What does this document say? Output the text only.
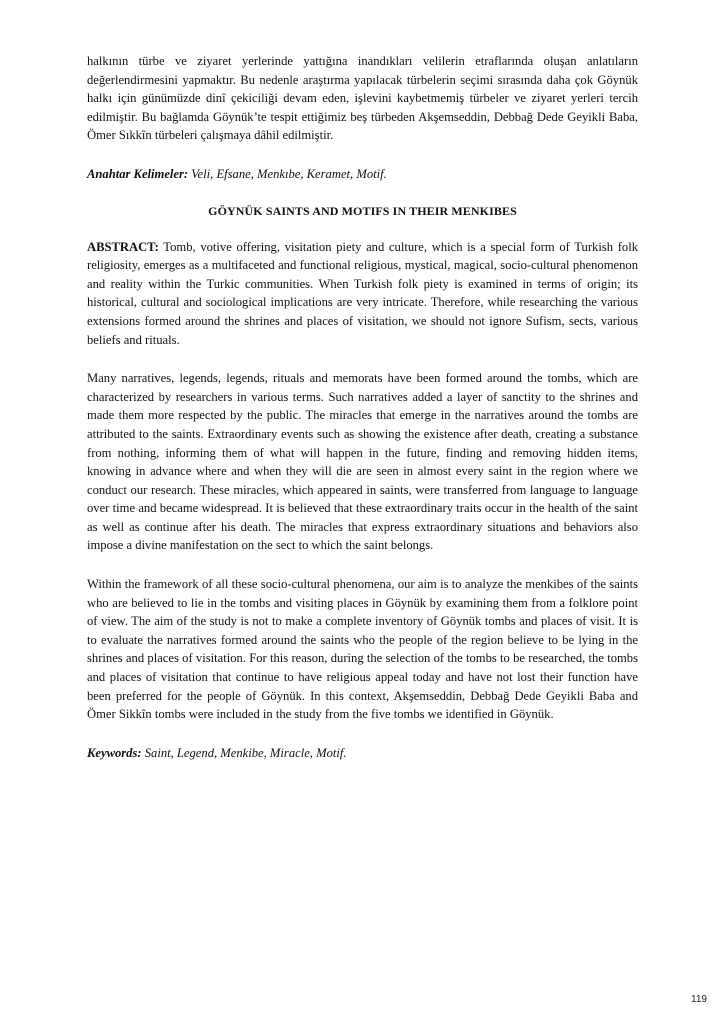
halkının türbe ve ziyaret yerlerinde yattığına inandıkları velilerin etraflarında oluşan anlatıların değerlendirmesini yapmaktır. Bu nedenle araştırma yapılacak türbelerin seçimi sırasında daha çok Göynük halkı için günümüzde dinî çekiciliği devam eden, işlevini kaybetmemiş türbeler ve ziyaret yerleri tercih edilmiştir. Bu bağlamda Göynük’te tespit ettiğimiz beş türbeden Akşemseddin, Debbağ Dede Geyikli Baba, Ömer Sıkkîn türbeleri çalışmaya dâhil edilmiştir.

Anahtar Kelimeler: Veli, Efsane, Menkıbe, Keramet, Motif.

GÖYNÜK SAINTS AND MOTIFS IN THEIR MENKIBES

ABSTRACT: Tomb, votive offering, visitation piety and culture, which is a special form of Turkish folk religiosity, emerges as a multifaceted and functional religious, mystical, magical, socio-cultural phenomenon and reality within the Turkic communities. When Turkish folk piety is examined in terms of origin; its historical, cultural and sociological implications are very intricate. Therefore, while researching the various extensions formed around the shrines and places of visitation, we should not ignore Sufism, sects, various beliefs and rituals.

Many narratives, legends, legends, rituals and memorats have been formed around the tombs, which are characterized by researchers in various terms. Such narratives added a layer of sanctity to the shrines and made them more respected by the public. The miracles that emerge in the narratives around the tombs are attributed to the saints. Extraordinary events such as showing the existence after death, creating a substance from nothing, informing them of what will happen in the future, finding and removing hidden items, knowing in advance where and when they will die are seen in almost every saint in the region where we conduct our research. These miracles, which appeared in saints, were transferred from language to language over time and became widespread. It is believed that these extraordinary traits occur in the health of the saint as well as continue after his death. The miracles that express extraordinary situations and behaviors also impose a divine manifestation on the sect to which the saint belongs.

Within the framework of all these socio-cultural phenomena, our aim is to analyze the menkibes of the saints who are believed to lie in the tombs and visiting places in Göynük by examining them from a folklore point of view. The aim of the study is not to make a complete inventory of Göynük tombs and places of visit. It is to evaluate the narratives formed around the saints who the people of the region believe to be lying in the shrines and places of visitation. For this reason, during the selection of the tombs to be researched, the tombs and places of visitation that continue to have religious appeal today and have not lost their function have been preferred for the people of Göynük. In this context, Akşemseddin, Debbağ Dede Geyikli Baba and Ömer Sikkîn tombs were included in the study from the five tombs we identified in Göynük.

Keywords: Saint, Legend, Menkibe, Miracle, Motif.

119
